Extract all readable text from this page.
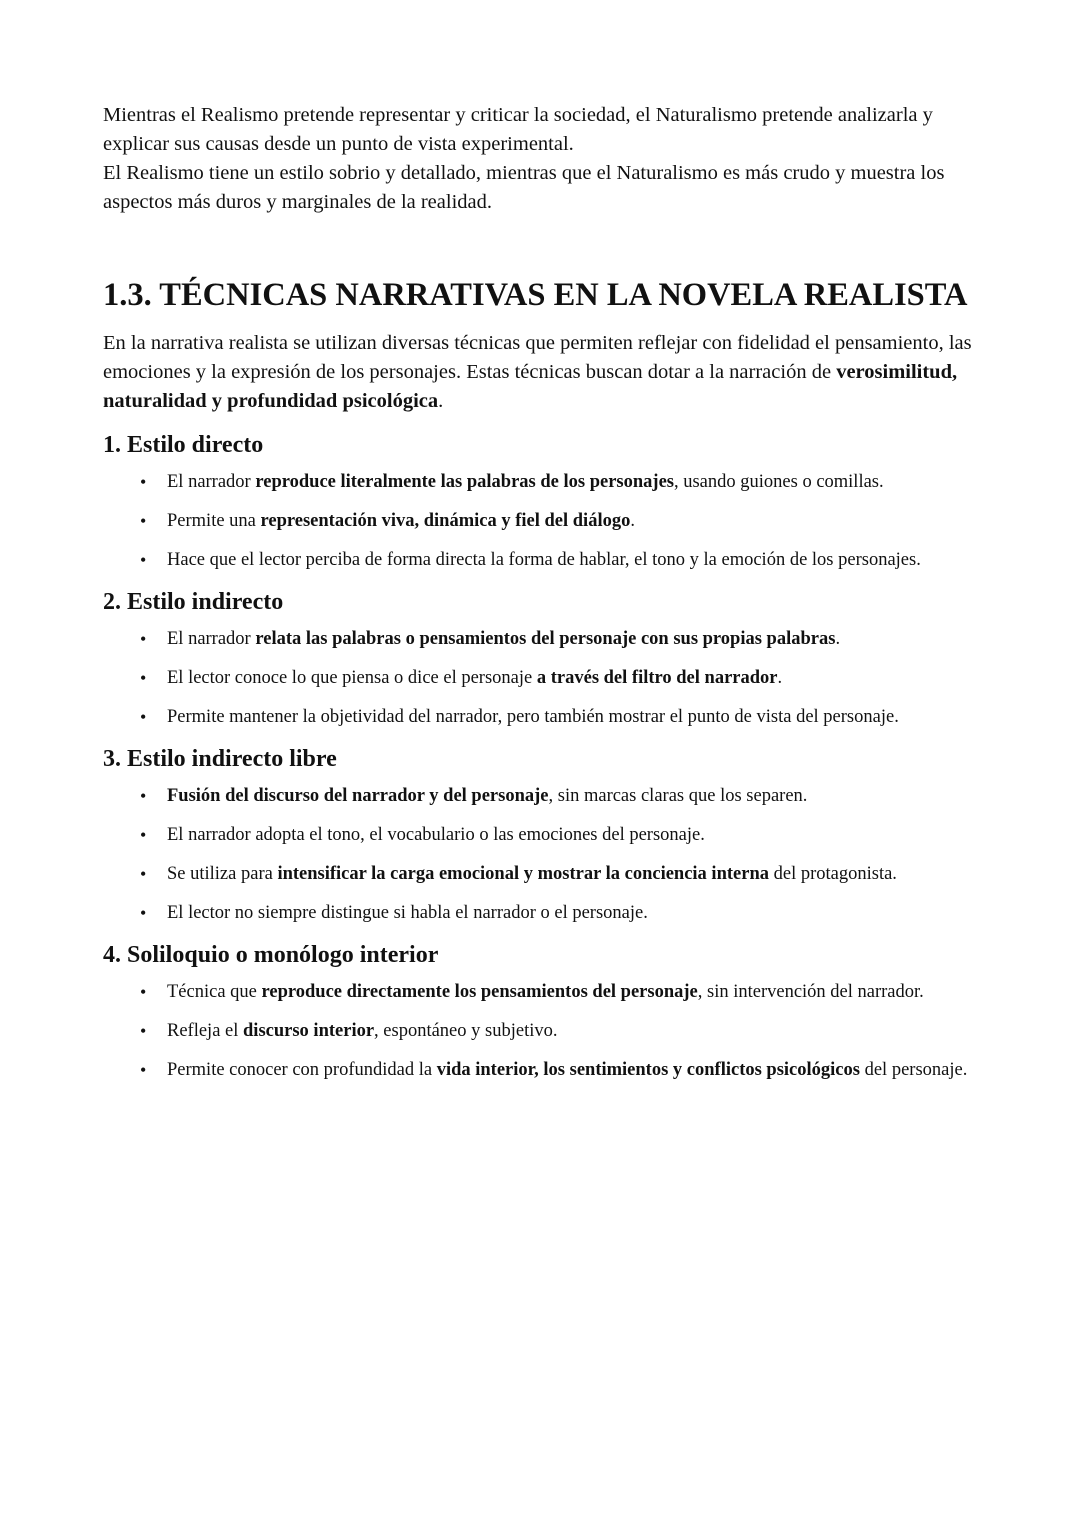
Mientras el Realismo pretende representar y criticar la sociedad, el Naturalismo pretende analizarla y explicar sus causas desde un punto de vista experimental.

El Realismo tiene un estilo sobrio y detallado, mientras que el Naturalismo es más crudo y muestra los aspectos más duros y marginales de la realidad.

1.3. TÉCNICAS NARRATIVAS EN LA NOVELA REALISTA

En la narrativa realista se utilizan diversas técnicas que permiten reflejar con fidelidad el pensamiento, las emociones y la expresión de los personajes. Estas técnicas buscan dotar a la narración de verosimilitud, naturalidad y profundidad psicológica.

1. Estilo directo
• El narrador reproduce literalmente las palabras de los personajes, usando guiones o comillas.
• Permite una representación viva, dinámica y fiel del diálogo.
• Hace que el lector perciba de forma directa la forma de hablar, el tono y la emoción de los personajes.
2. Estilo indirecto
• El narrador relata las palabras o pensamientos del personaje con sus propias palabras.
• El lector conoce lo que piensa o dice el personaje a través del filtro del narrador.
• Permite mantener la objetividad del narrador, pero también mostrar el punto de vista del personaje.
3. Estilo indirecto libre
• Fusión del discurso del narrador y del personaje, sin marcas claras que los separen.
• El narrador adopta el tono, el vocabulario o las emociones del personaje.
• Se utiliza para intensificar la carga emocional y mostrar la conciencia interna del protagonista.
• El lector no siempre distingue si habla el narrador o el personaje.
4. Soliloquio o monólogo interior
• Técnica que reproduce directamente los pensamientos del personaje, sin intervención del narrador.
• Refleja el discurso interior, espontáneo y subjetivo.
• Permite conocer con profundidad la vida interior, los sentimientos y conflictos psicológicos del personaje.
